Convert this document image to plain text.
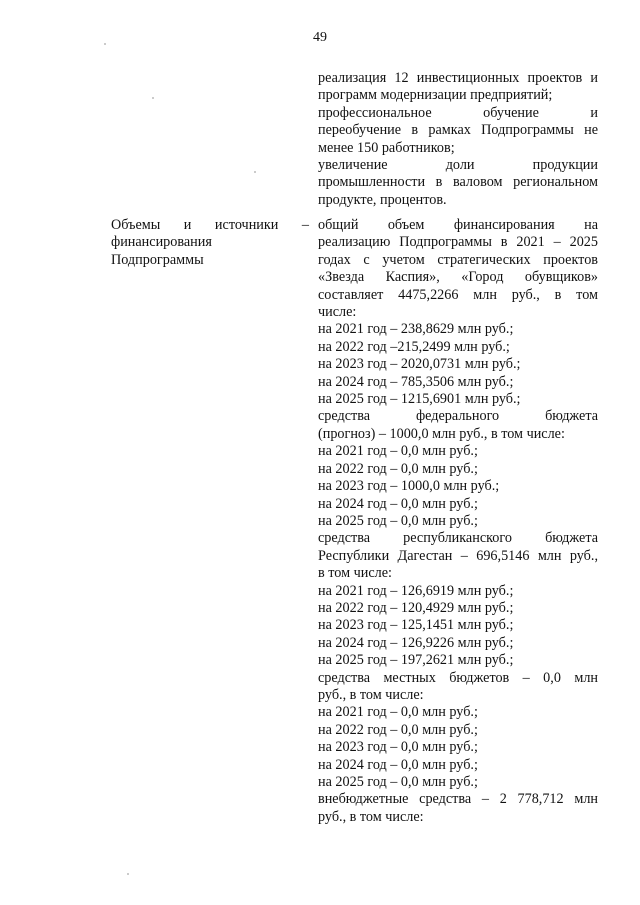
49
реализация 12 инвестиционных проектов и
программ модернизации предприятий;
профессиональное обучение и
переобучение в рамках Подпрограммы не
менее 150 работников;
увеличение доли продукции
промышленности в валовом региональном
продукте, процентов.
Объемы и источники –
финансирования
Подпрограммы
общий объем финансирования на
реализацию Подпрограммы в 2021 – 2025
годах с учетом стратегических проектов
«Звезда Каспия», «Город обувщиков»
составляет 4475,2266 млн руб., в том
числе:
на 2021 год – 238,8629 млн руб.;
на 2022 год –215,2499 млн руб.;
на 2023 год – 2020,0731 млн руб.;
на 2024 год – 785,3506 млн руб.;
на 2025 год – 1215,6901 млн руб.;
средства федерального бюджета
(прогноз) – 1000,0 млн руб., в том числе:
на 2021 год – 0,0 млн руб.;
на 2022 год – 0,0 млн руб.;
на 2023 год – 1000,0 млн руб.;
на 2024 год – 0,0 млн руб.;
на 2025 год – 0,0 млн руб.;
средства республиканского бюджета
Республики Дагестан – 696,5146 млн руб.,
в том числе:
на 2021 год – 126,6919 млн руб.;
на 2022 год – 120,4929 млн руб.;
на 2023 год – 125,1451 млн руб.;
на 2024 год – 126,9226 млн руб.;
на 2025 год – 197,2621 млн руб.;
средства местных бюджетов – 0,0 млн
руб., в том числе:
на 2021 год – 0,0 млн руб.;
на 2022 год – 0,0 млн руб.;
на 2023 год – 0,0 млн руб.;
на 2024 год – 0,0 млн руб.;
на 2025 год – 0,0 млн руб.;
внебюджетные средства – 2 778,712 млн
руб., в том числе:
